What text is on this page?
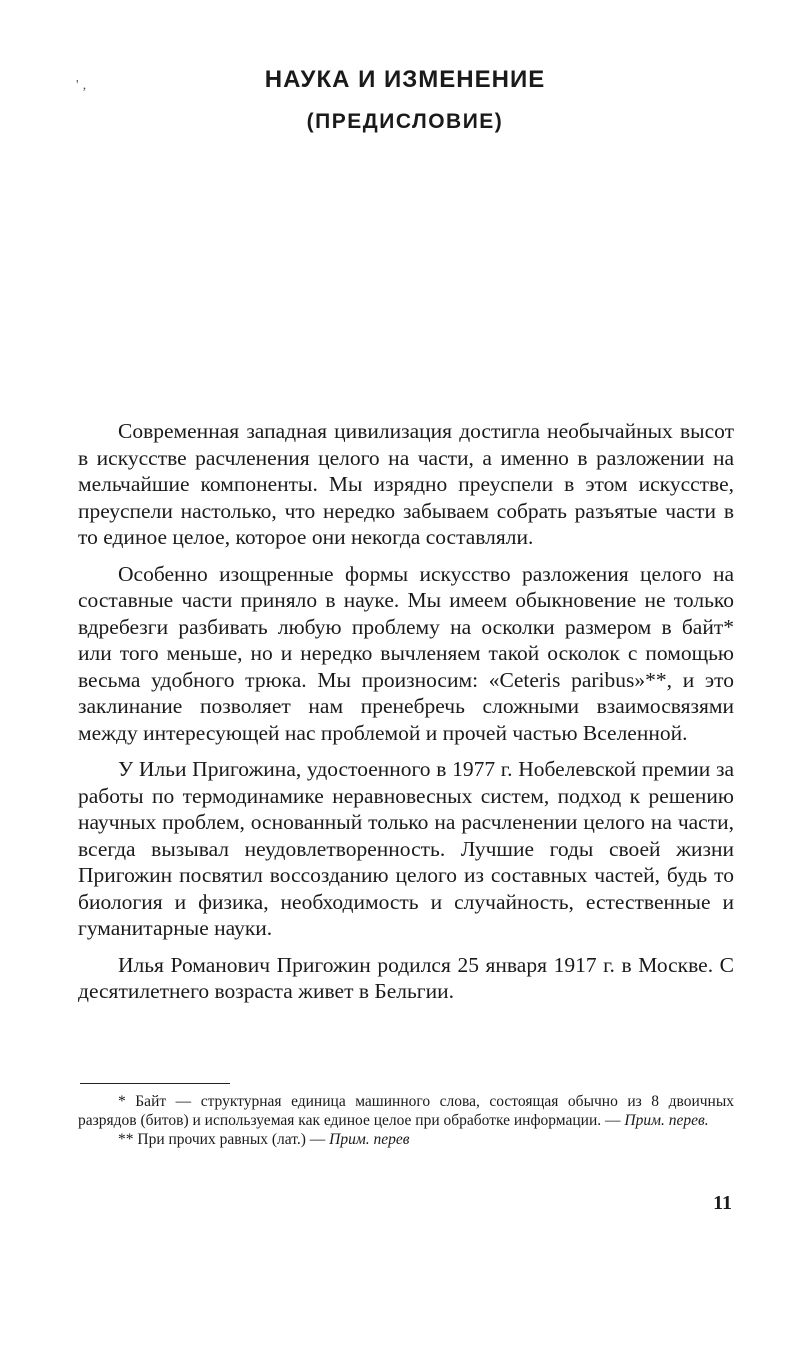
' ‚	НАУКА И ИЗМЕНЕНИЕ
(ПРЕДИСЛОВИЕ)

Современная западная цивилизация достигла необычайных высот в искусстве расчленения целого на части, а именно в разложении на мельчайшие компоненты. Мы изрядно преуспели в этом искусстве, преуспели настолько, что нередко забываем собрать разъятые части в то единое целое, которое они некогда составляли.

Особенно изощренные формы искусство разложения целого на составные части приняло в науке. Мы имеем обыкновение не только вдребезги разбивать любую проблему на осколки размером в байт* или того меньше, но и нередко вычленяем такой осколок с помощью весьма удобного трюка. Мы произносим: «Ceteris paribus»**, и это заклинание позволяет нам пренебречь сложными взаимосвязями между интересующей нас проблемой и прочей частью Вселенной.

У Ильи Пригожина, удостоенного в 1977 г. Нобелевской премии за работы по термодинамике неравновесных систем, подход к решению научных проблем, основанный только на расчленении целого на части, всегда вызывал неудовлетворенность. Лучшие годы своей жизни Пригожин посвятил воссозданию целого из составных частей, будь то биология и физика, необходимость и случайность, естественные и гуманитарные науки.

Илья Романович Пригожин родился 25 января 1917 г. в Москве. С десятилетнего возраста живет в Бельгии.

* Байт — структурная единица машинного слова, состоящая обычно из 8 двоичных разрядов (битов) и используемая как единое целое при обработке информации. — Прим. перев.

** При прочих равных (лат.) — Прим. перев

11
